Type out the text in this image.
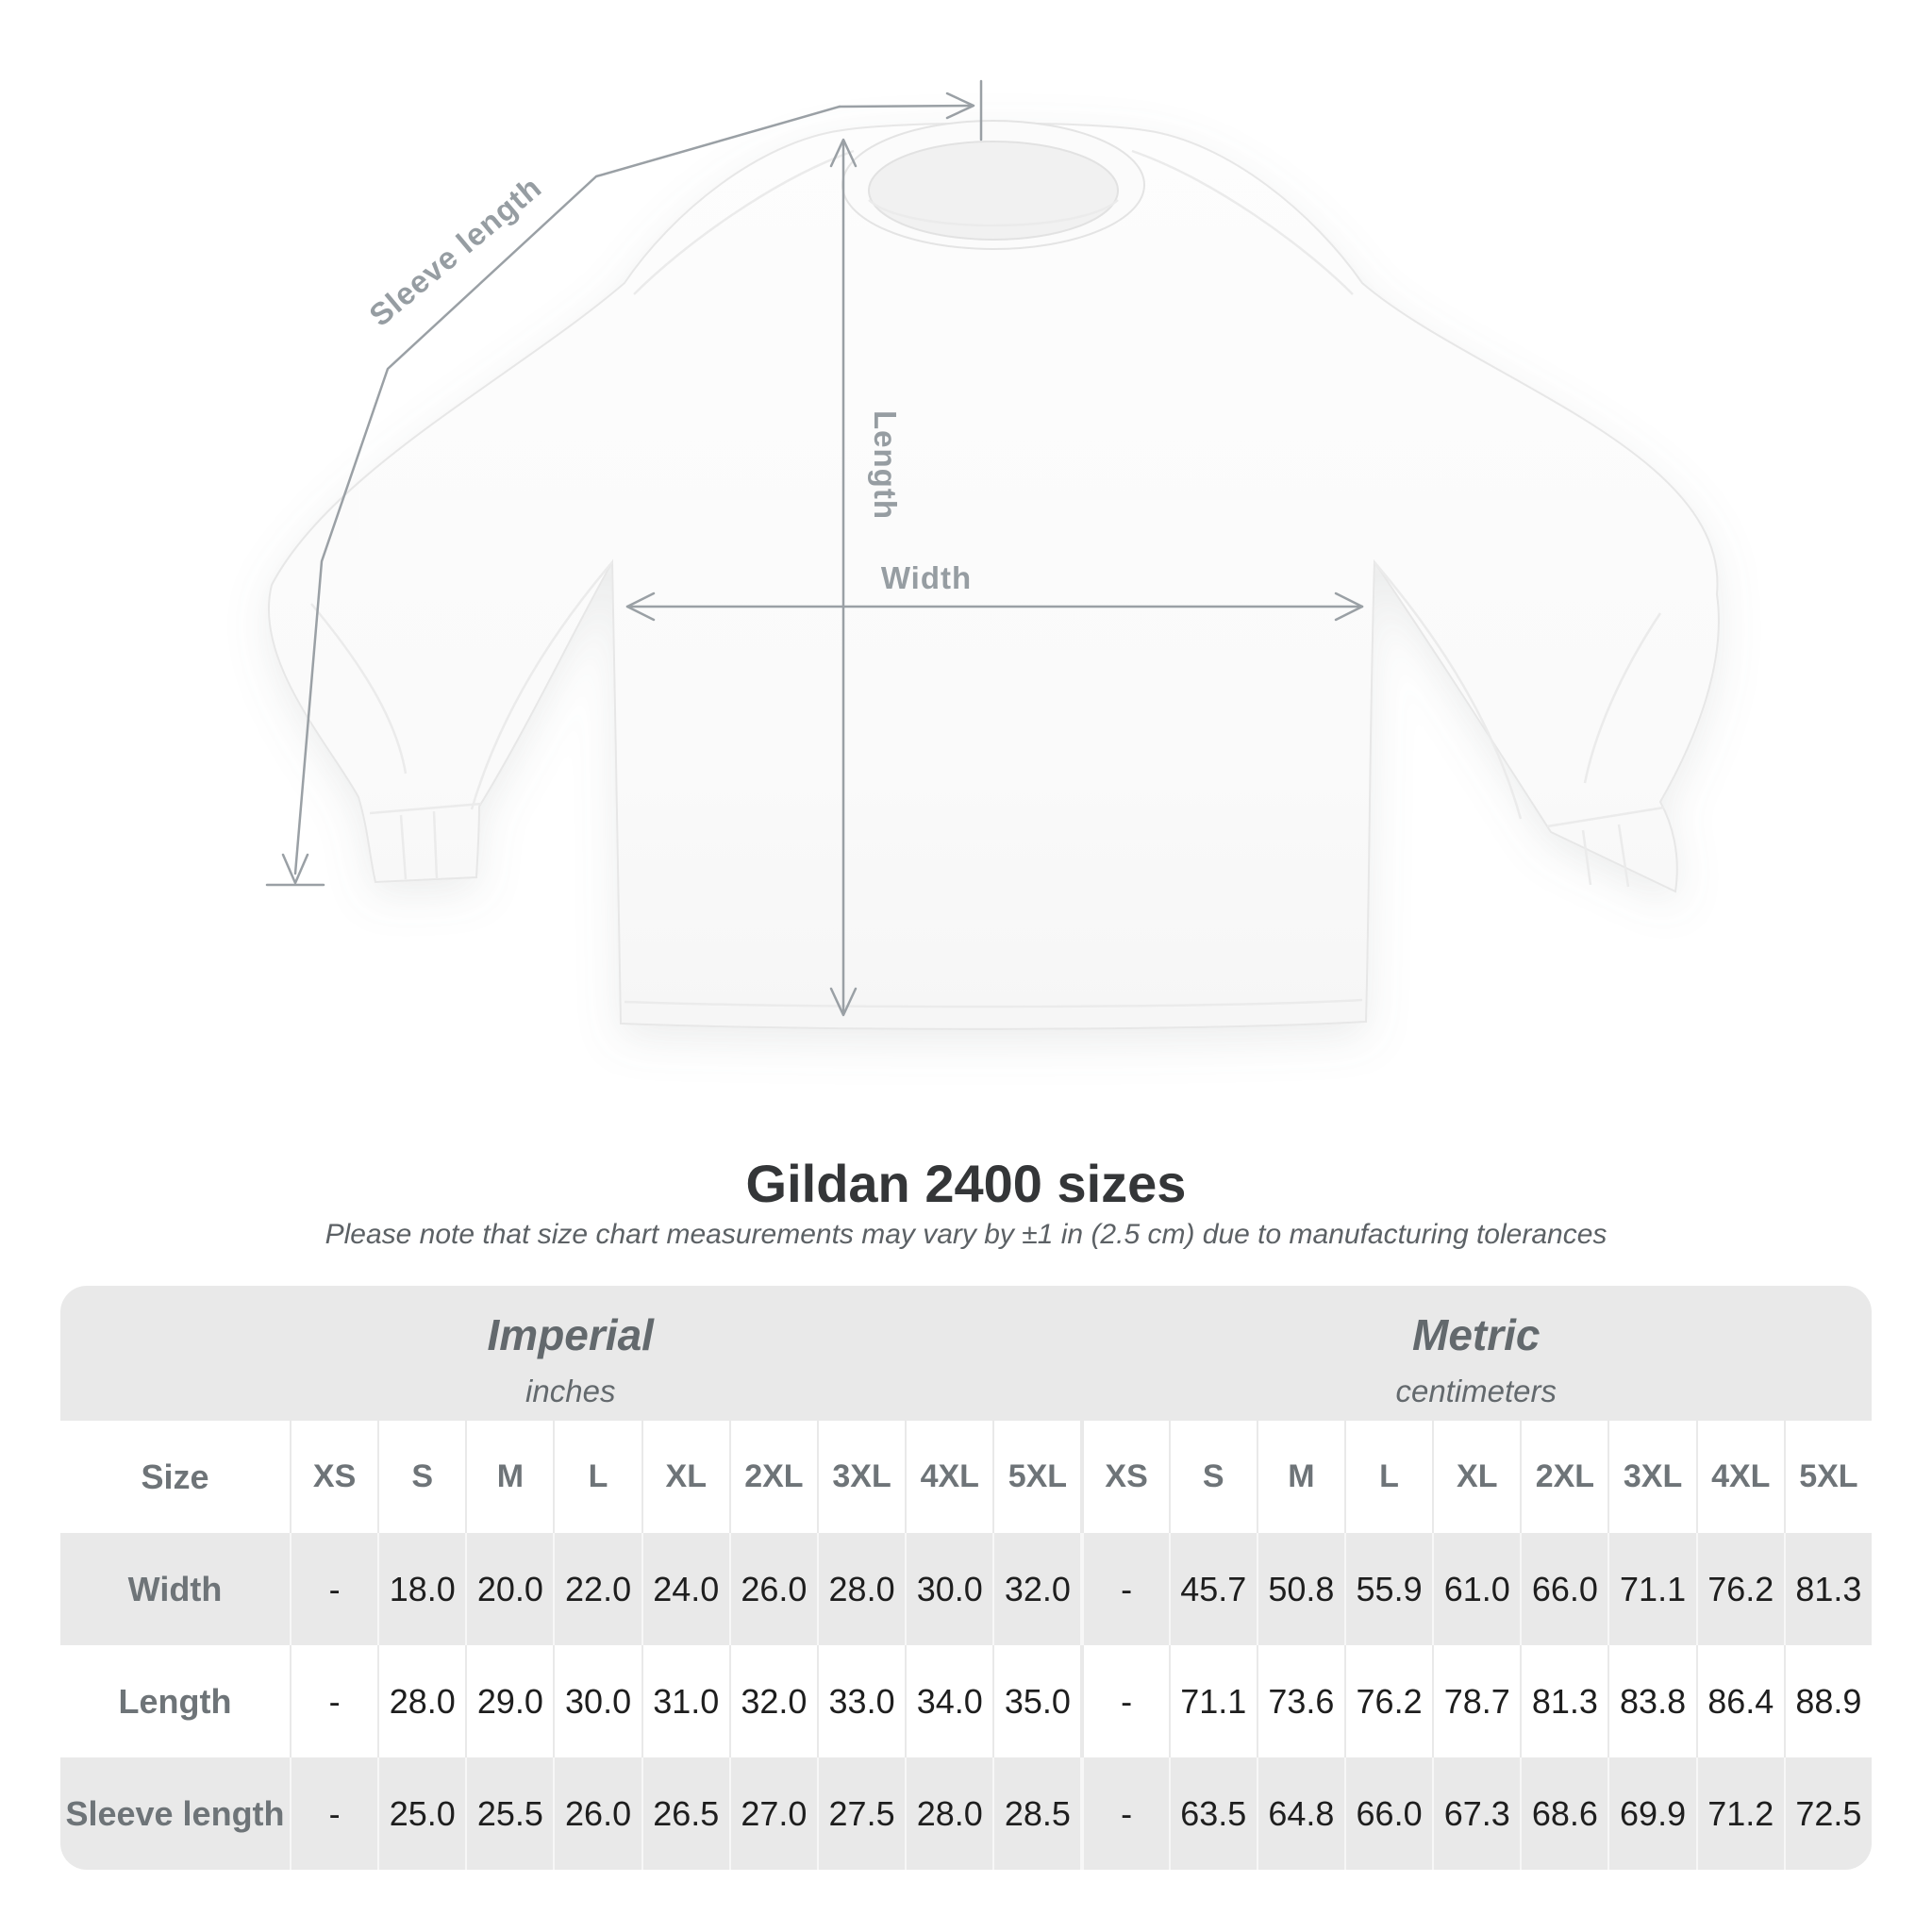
Sleeve length
Length
Width
Gildan 2400 sizes
Please note that size chart measurements may vary by ±1 in (2.5 cm) due to manufacturing tolerances
Imperial
inches
Metric
centimeters
Size	XS	S	M	L	XL	2XL 3XL 4XL 5XL	XS	S	M	L	XL	2XL 3XL 4XL 5XL
Width	-	18.0 20.0 22.0 24.0 26.0 28.0 30.0 32.0	-	45.7 50.8 55.9 61.0 66.0 71.1 76.2 81.3
Length	-	28.0 29.0 30.0 31.0 32.0 33.0 34.0 35.0	-	71.1 73.6 76.2 78.7 81.3 83.8 86.4 88.9
Sleeve length	-	25.0 25.5 26.0 26.5 27.0 27.5 28.0 28.5	-	63.5 64.8 66.0 67.3 68.6 69.9 71.2 72.5
